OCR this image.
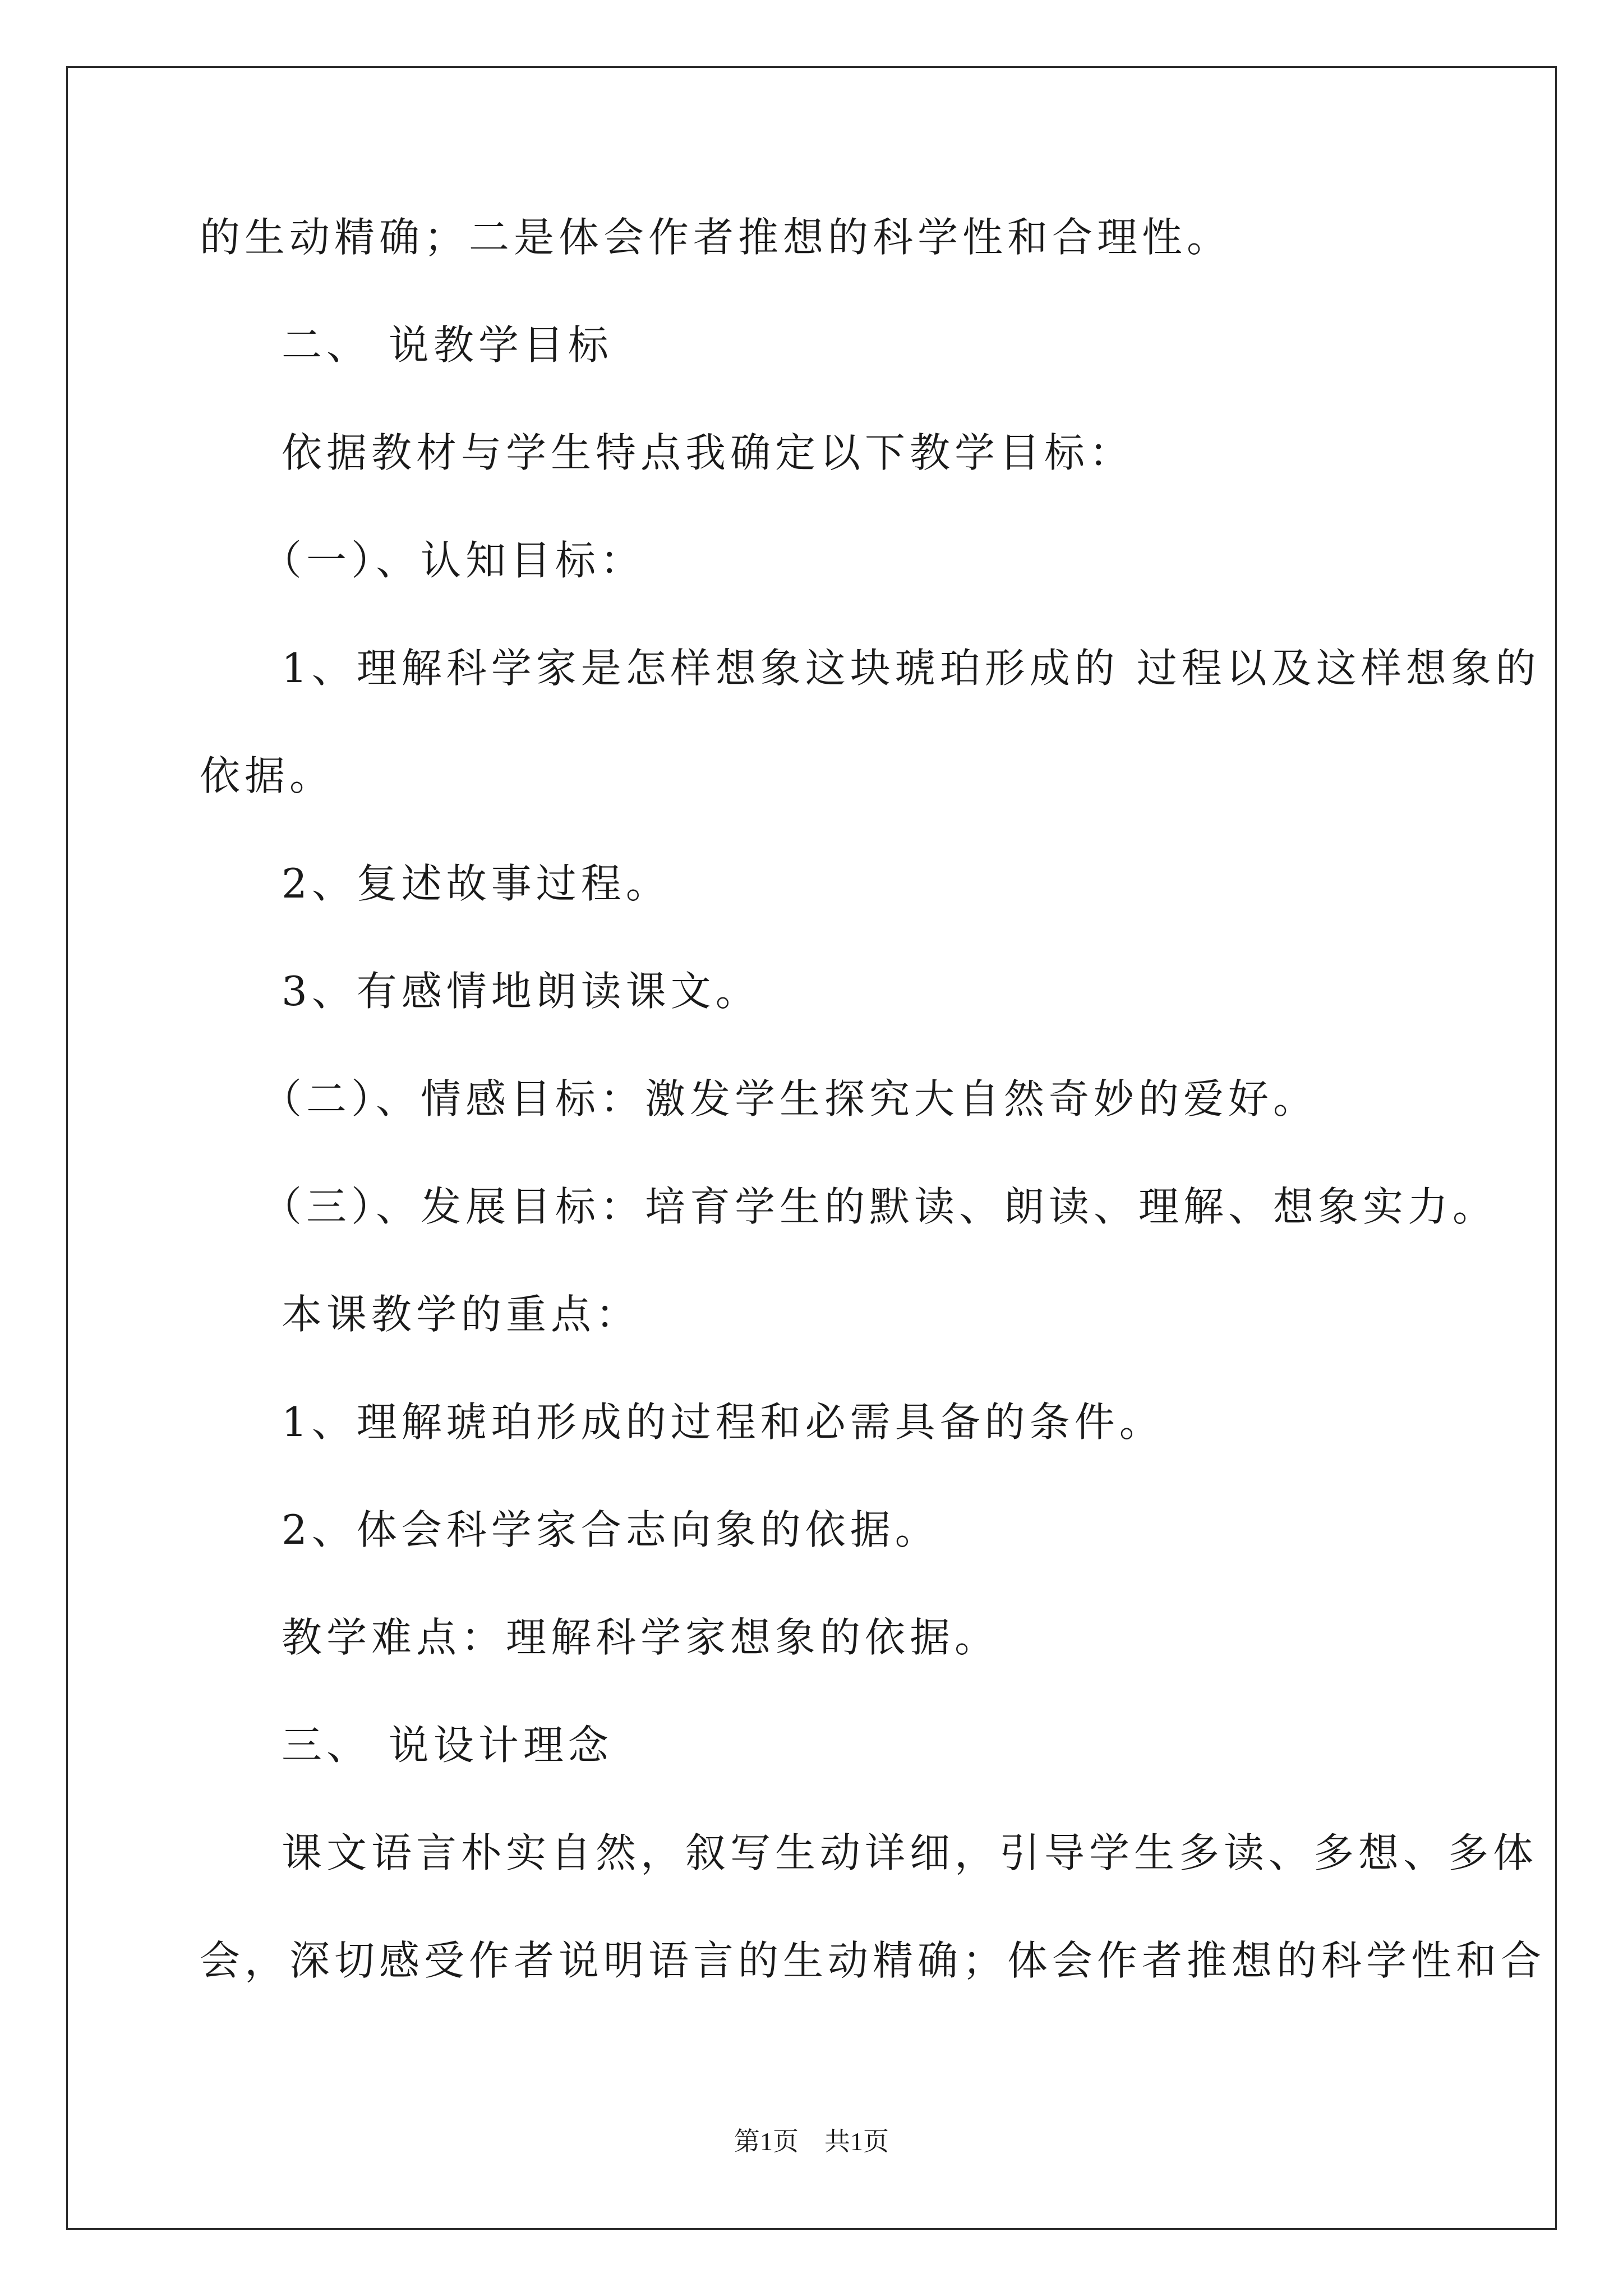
的生动精确；二是体会作者推想的科学性和合理性。

二、 说教学目标

依据教材与学生特点我确定以下教学目标：

（一）、认知目标：

1、理解科学家是怎样想象这块琥珀形成的 过程以及这样想象的

依据。

2、复述故事过程。

3、有感情地朗读课文。

（二）、情感目标：激发学生探究大自然奇妙的爱好。

（三）、发展目标：培育学生的默读、朗读、理解、想象实力。

本课教学的重点：

1、理解琥珀形成的过程和必需具备的条件。

2、体会科学家合志向象的依据。

教学难点：理解科学家想象的依据。

三、 说设计理念

课文语言朴实自然，叙写生动详细，引导学生多读、多想、多体

会，深切感受作者说明语言的生动精确；体会作者推想的科学性和合

第1页 共1页
